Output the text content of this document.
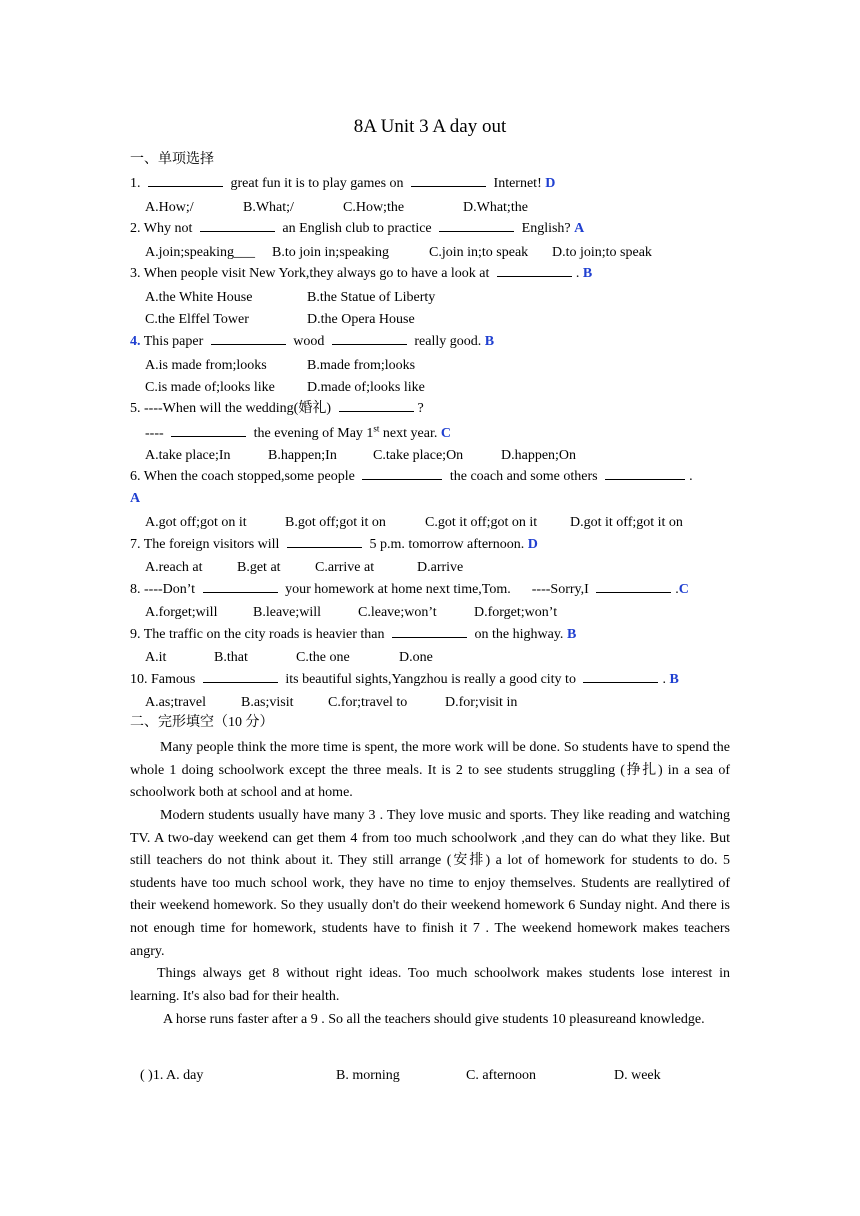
8A Unit 3 A day out
一、单项选择
1.	great fun it is to play games on	Internet! D
A.How;/	B.What;/	C.How;the	D.What;the
2. Why not	an English club to practice	English? A
A.join;speaking___ B.to join in;speaking	C.join in;to speak D.to join;to speak
3. When people visit New York,they always go to have a look at	. B
A.the White House	B.the Statue of Liberty
C.the Elffel Tower	D.the Opera House
4. This paper	wood	really good. B
A.is made from;looks	B.made from;looks
C.is made of;looks like D.made of;looks like
5. ----When will the wedding(婚礼)	?
----	the evening of May 1st next year. C
A.take place;In	B.happen;In	C.take place;On	D.happen;On
6. When the coach stopped,some people	the coach and some others	.
A
A.got off;got on it	B.got off;got it on	C.got it off;got on it D.got it off;got it on
7. The foreign visitors will	5 p.m. tomorrow afternoon. D
A.reach at B.get at C.arrive at	D.arrive
8. ----Don’t	your homework at home next time,Tom. ----Sorry,I	.C
A.forget;will	B.leave;will	C.leave;won’t	D.forget;won’t
9. The traffic on the city roads is heavier than	on the highway. B
A.it	B.that	C.the one	D.one
10. Famous	its beautiful sights,Yangzhou is really a good city to	. B
A.as;travel B.as;visit C.for;travel to	D.for;visit in
二、完形填空（10 分）
Many people think the more time is spent, the more work will be done. So students have to spend the whole 1 doing schoolwork except the three meals. It is 2 to see students struggling (挣扎) in a sea of schoolwork both at school and at home.
Modern students usually have many 3 . They love music and sports. They like reading and watching TV. A two-day weekend can get them 4 from too much schoolwork ,and they can do what they like. But still teachers do not think about it. They still arrange (安排) a lot of homework for students to do. 5 students have too much school work, they have no time to enjoy themselves. Students are reallytired of their weekend homework. So they usually don't do their weekend homework 6 Sunday night. And there is not enough time for homework, students have to finish it 7 . The weekend homework makes teachers angry.
Things always get 8 without right ideas. Too much schoolwork makes students lose interest in learning. It's also bad for their health.
A horse runs faster after a 9 . So all the teachers should give students 10 pleasureand knowledge.
( )1. A. day	B. morning	C. afternoon	D. week
